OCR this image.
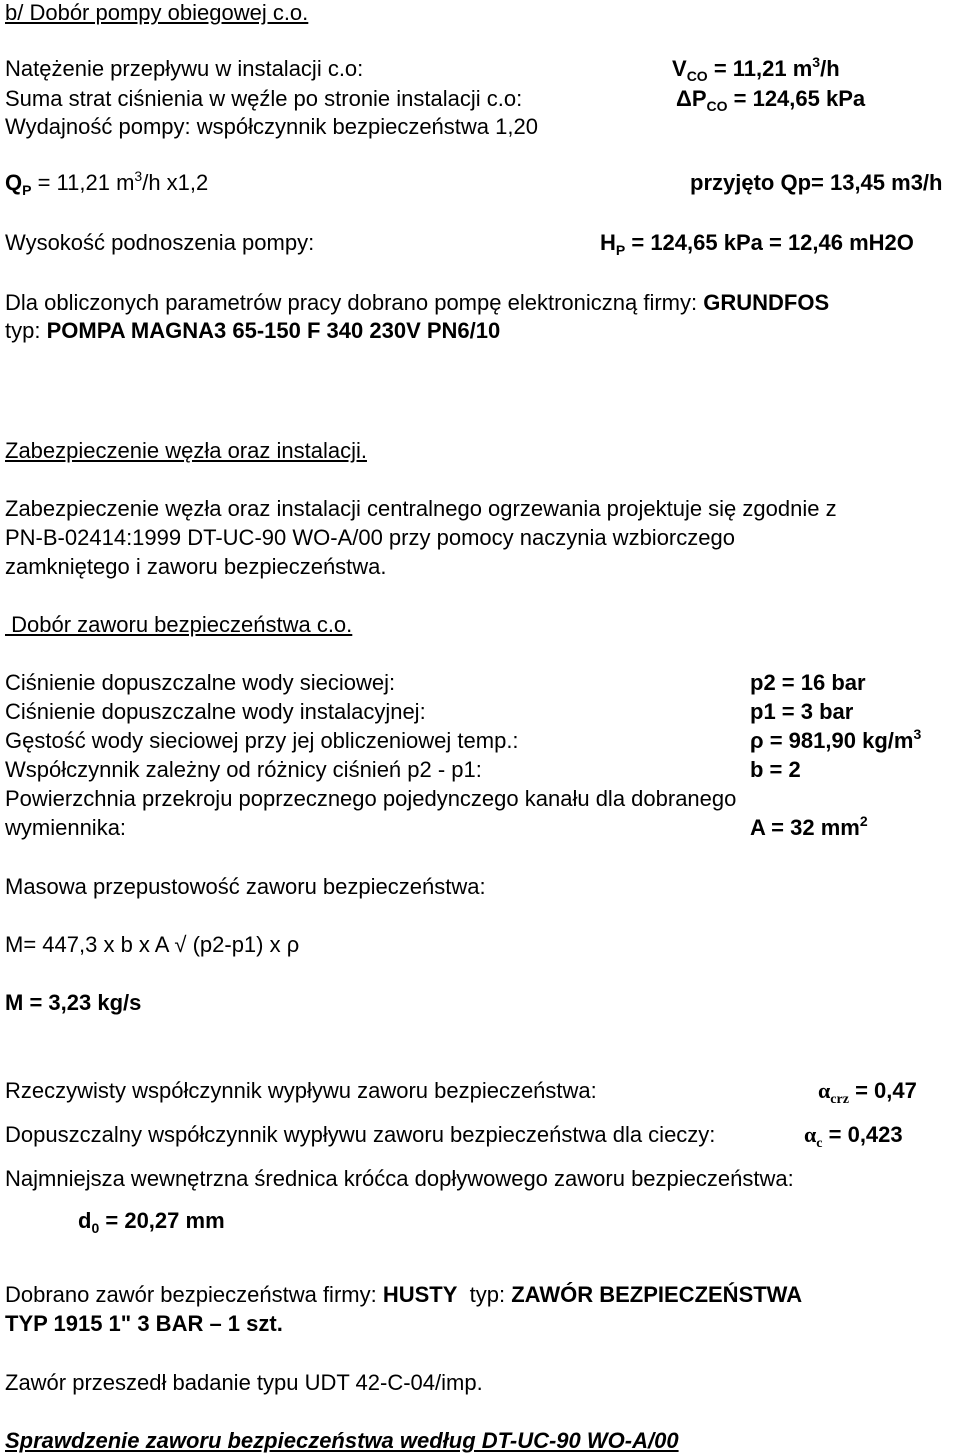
b/ Dobór pompy obiegowej c.o.
Natężenie przepływu w instalacji c.o:	$V_{CO} = 11,21$ $m^3/h$
Suma strat ciśnienia w węźle po stronie instalacji c.o:	$\Delta P_{CO} = 124,65$ kPa
Wydajność pompy: współczynnik bezpieczeństwa 1,20
$Q_P = 11,21$ $m^3/h$ x1,2	przyjęto Qp= 13,45 m3/h
Wysokość podnoszenia pompy:	$H_P = 124,65$ kPa = 12,46 mH2O
Dla obliczonych parametrów pracy dobrano pompę elektroniczną firmy: GRUNDFOS
typ: POMPA MAGNA3 65-150 F 340 230V PN6/10
Zabezpieczenie węzła oraz instalacji.
Zabezpieczenie węzła oraz instalacji centralnego ogrzewania projektuje się zgodnie z
PN-B-02414:1999 DT-UC-90 WO-A/00 przy pomocy naczynia wzbiorczego
zamkniętego i zaworu bezpieczeństwa.
Dobór zaworu bezpieczeństwa c.o.
Ciśnienie dopuszczalne wody sieciowej:	p2 = 16 bar
Ciśnienie dopuszczalne wody instalacyjnej:	p1 = 3 bar
Gęstość wody sieciowej przy jej obliczeniowej temp.:	ρ = 981,90 $kg/m^3$
Współczynnik zależny od różnicy ciśnień p2 - p1:	b = 2
Powierzchnia przekroju poprzecznego pojedynczego kanału dla dobranego
wymiennika:	A = 32 $mm^2$
Masowa przepustowość zaworu bezpieczeństwa:
M= 447,3 x b x A √ (p2-p1) x ρ
M = 3,23 kg/s
Rzeczywisty współczynnik wypływu zaworu bezpieczeństwa:	$\alpha_{crz} = 0,47$
Dopuszczalny współczynnik wypływu zaworu bezpieczeństwa dla cieczy:	$\alpha_c = 0,423$
Najmniejsza wewnętrzna średnica króćca dopływowego zaworu bezpieczeństwa:
$d_0 = 20,27$ mm
Dobrano zawór bezpieczeństwa firmy: HUSTY typ: ZAWÓR BEZPIECZEŃSTWA
TYP 1915 1" 3 BAR – 1 szt.
Zawór przeszedł badanie typu UDT 42-C-04/imp.
Sprawdzenie zaworu bezpieczeństwa według DT-UC-90 WO-A/00
